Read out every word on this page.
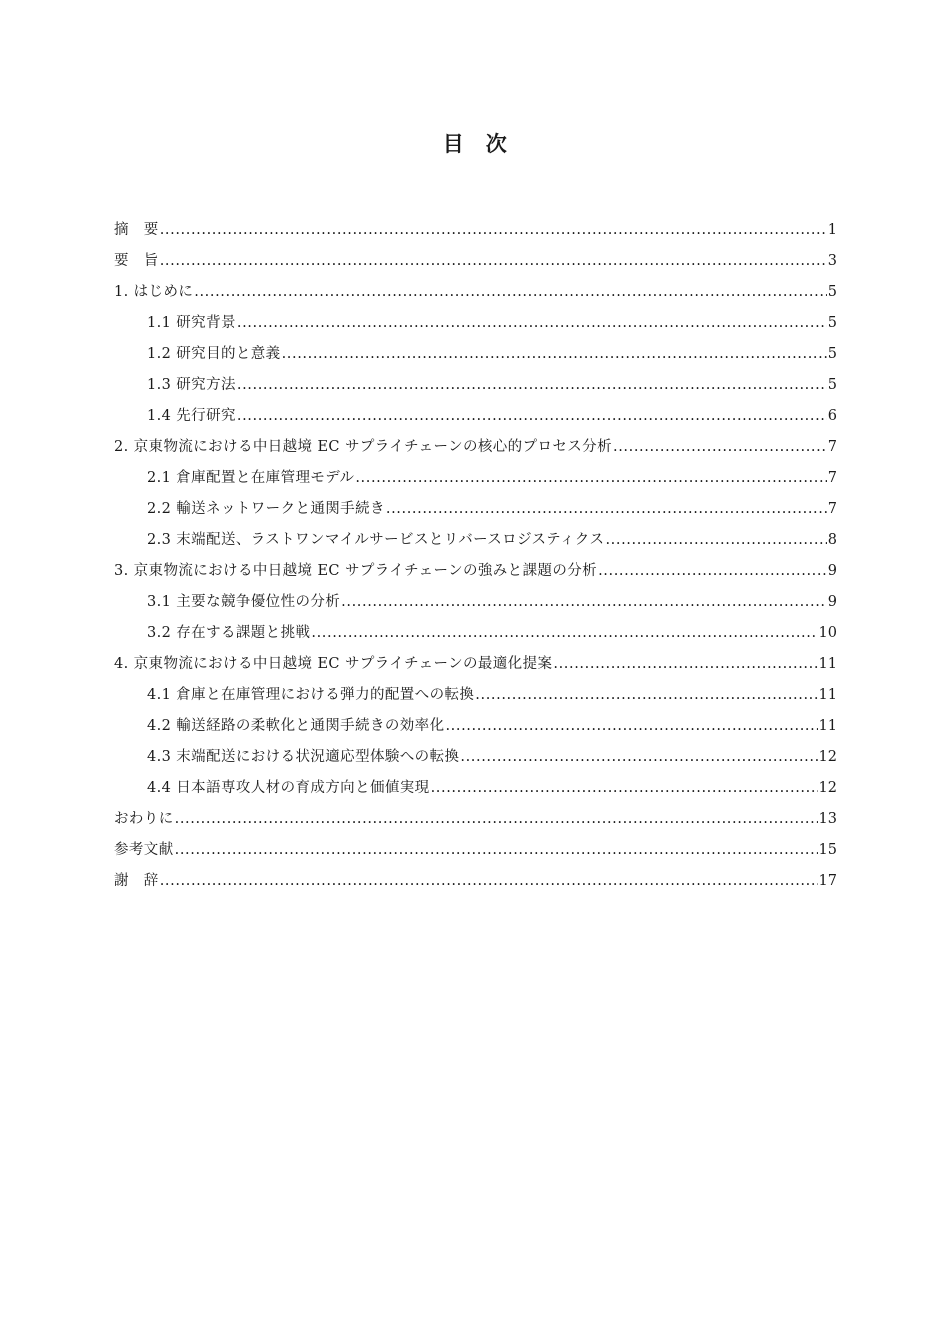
目　次
摘　要 .....	1
要　旨 .....	3
1. はじめに .....	5
1.1 研究背景 .....	5
1.2 研究目的と意義 .....	5
1.3 研究方法 .....	5
1.4 先行研究 .....	6
2. 京東物流における中日越境 EC サプライチェーンの核心的プロセス分析 .....	7
2.1 倉庫配置と在庫管理モデル .....	7
2.2 輸送ネットワークと通関手続き .....	7
2.3 末端配送、ラストワンマイルサービスとリバースロジスティクス .....	8
3. 京東物流における中日越境 EC サプライチェーンの強みと課題の分析 .....	9
3.1 主要な競争優位性の分析 .....	9
3.2 存在する課題と挑戦 .....	10
4. 京東物流における中日越境 EC サプライチェーンの最適化提案 .....	11
4.1 倉庫と在庫管理における弾力的配置への転換 .....	11
4.2 輸送経路の柔軟化と通関手続きの効率化 .....	11
4.3 末端配送における状況適応型体験への転換 .....	12
4.4 日本語専攻人材の育成方向と価値実現 .....	12
おわりに .....	13
参考文献 .....	15
謝　辞 .....	17
